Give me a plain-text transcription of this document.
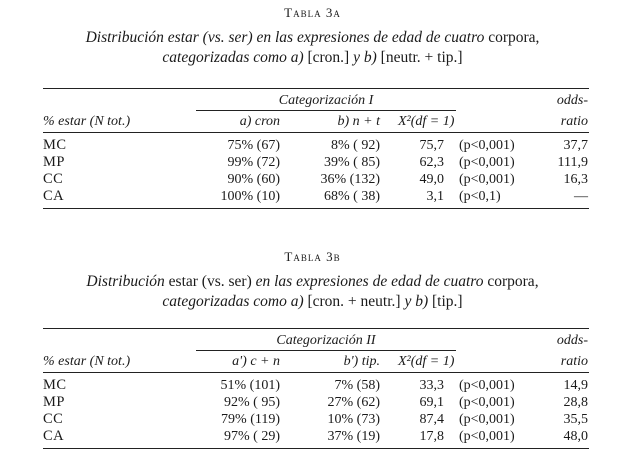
Tabla 3a
Distribución estar (vs. ser) en las expresiones de edad de cuatro corpora,
categorizadas como a) [cron.] y b) [neutr. + tip.]
Categorización I	odds-
% estar (N tot.)	a) cron	b) n + t X²(df = 1)	ratio
MC	75% (67)	8% ( 92)	75,7 (p<0,001)	37,7
MP	99% (72)	39% ( 85)	62,3 (p<0,001)	111,9
CC	90% (60)	36% (132)	49,0 (p<0,001)	16,3
CA	100% (10)	68% ( 38)	3,1 (p<0,1)	—
Tabla 3b
Distribución estar (vs. ser) en las expresiones de edad de cuatro corpora,
categorizadas como a) [cron. + neutr.] y b) [tip.]
Categorización II	odds-
% estar (N tot.)	a') c + n	b') tip. X²(df = 1)	ratio
MC	51% (101)	7% (58)	33,3 (p<0,001)	14,9
MP	92% ( 95)	27% (62)	69,1 (p<0,001)	28,8
CC	79% (119)	10% (73)	87,4 (p<0,001)	35,5
CA	97% ( 29)	37% (19)	17,8 (p<0,001)	48,0
